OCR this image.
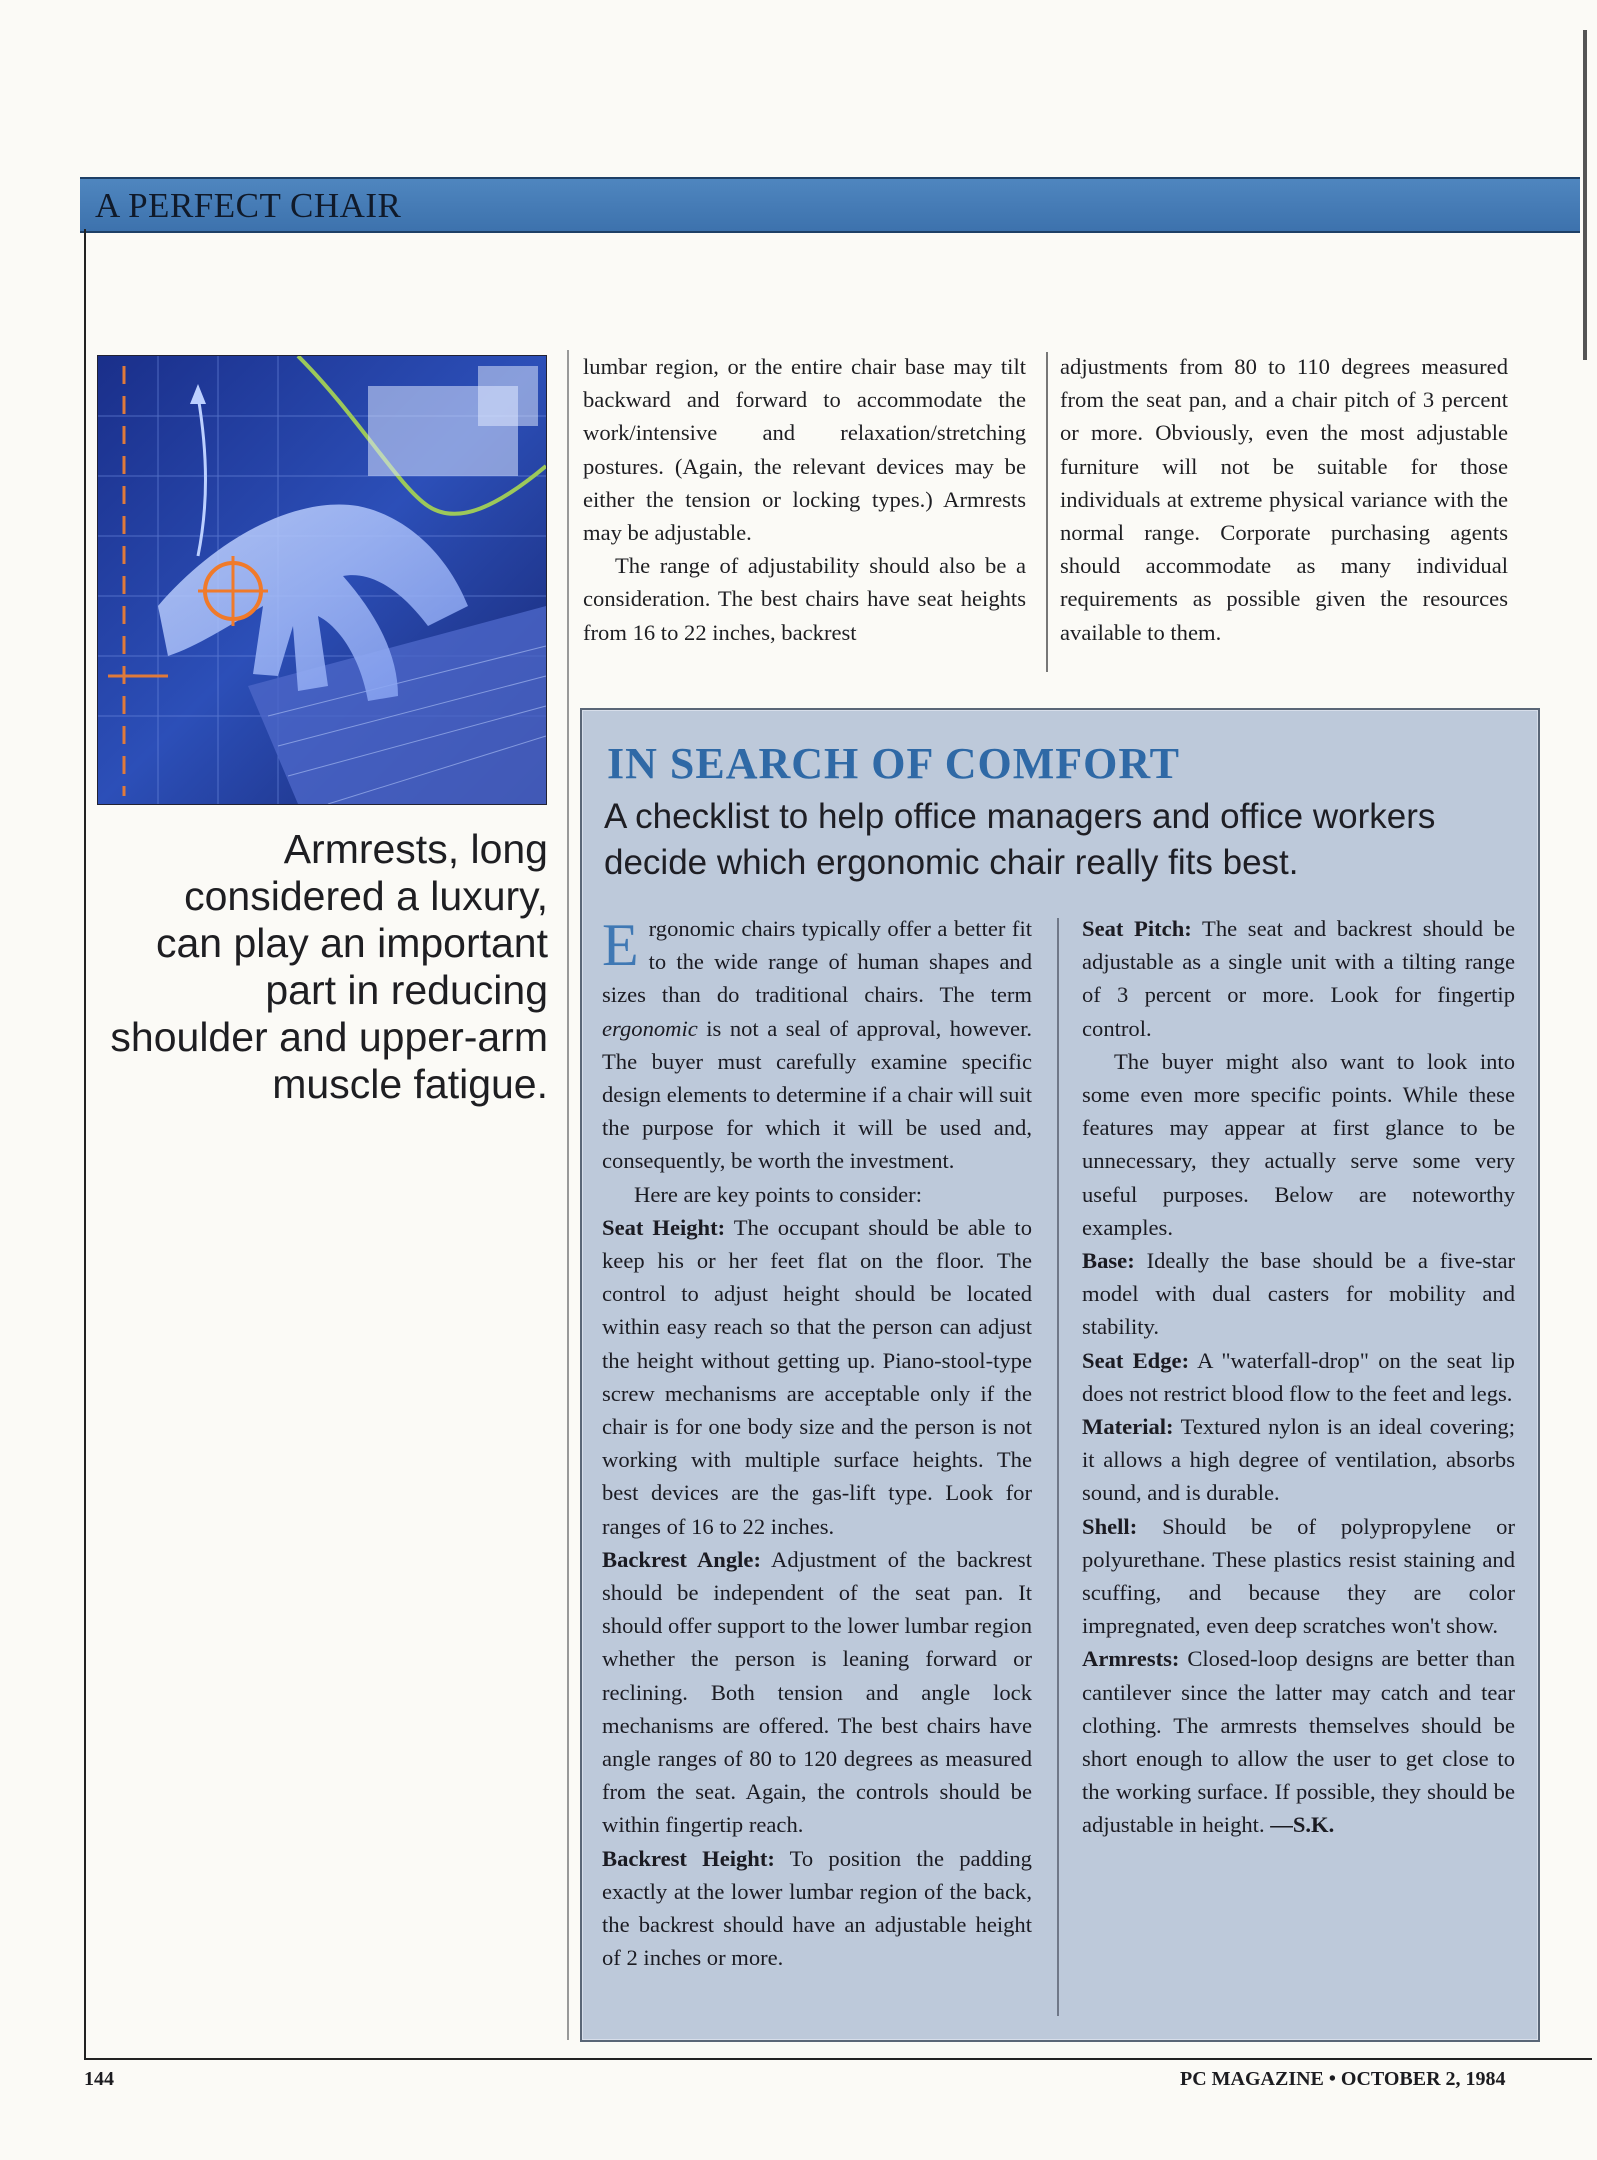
A PERFECT CHAIR
Armrests, long considered a luxury, can play an important part in reducing shoulder and upper-arm muscle fatigue.

lumbar region, or the entire chair base may tilt backward and forward to accommodate the work/intensive and relaxation/stretching postures. (Again, the relevant devices may be either the tension or locking types.) Armrests may be adjustable.

The range of adjustability should also be a consideration. The best chairs have seat heights from 16 to 22 inches, backrest

adjustments from 80 to 110 degrees measured from the seat pan, and a chair pitch of 3 percent or more. Obviously, even the most adjustable furniture will not be suitable for those individuals at extreme physical variance with the normal range. Corporate purchasing agents should accommodate as many individual requirements as possible given the resources available to them.

IN SEARCH OF COMFORT
A checklist to help office managers and office workers decide which ergonomic chair really fits best.

Ergonomic chairs typically offer a better fit to the wide range of human shapes and sizes than do traditional chairs. The term ergonomic is not a seal of approval, however. The buyer must carefully examine specific design elements to determine if a chair will suit the purpose for which it will be used and, consequently, be worth the investment.

Here are key points to consider:

Seat Height: The occupant should be able to keep his or her feet flat on the floor. The control to adjust height should be located within easy reach so that the person can adjust the height without getting up. Piano-stool-type screw mechanisms are acceptable only if the chair is for one body size and the person is not working with multiple surface heights. The best devices are the gas-lift type. Look for ranges of 16 to 22 inches.

Backrest Angle: Adjustment of the backrest should be independent of the seat pan. It should offer support to the lower lumbar region whether the person is leaning forward or reclining. Both tension and angle lock mechanisms are offered. The best chairs have angle ranges of 80 to 120 degrees as measured from the seat. Again, the controls should be within fingertip reach.

Backrest Height: To position the padding exactly at the lower lumbar region of the back, the backrest should have an adjustable height of 2 inches or more.

Seat Pitch: The seat and backrest should be adjustable as a single unit with a tilting range of 3 percent or more. Look for fingertip control.

The buyer might also want to look into some even more specific points. While these features may appear at first glance to be unnecessary, they actually serve some very useful purposes. Below are noteworthy examples.

Base: Ideally the base should be a five-star model with dual casters for mobility and stability.

Seat Edge: A "waterfall-drop" on the seat lip does not restrict blood flow to the feet and legs.

Material: Textured nylon is an ideal covering; it allows a high degree of ventilation, absorbs sound, and is durable.

Shell: Should be of polypropylene or polyurethane. These plastics resist staining and scuffing, and because they are color impregnated, even deep scratches won't show.

Armrests: Closed-loop designs are better than cantilever since the latter may catch and tear clothing. The armrests themselves should be short enough to allow the user to get close to the working surface. If possible, they should be adjustable in height. —S.K.

144	PC MAGAZINE • OCTOBER 2, 1984
